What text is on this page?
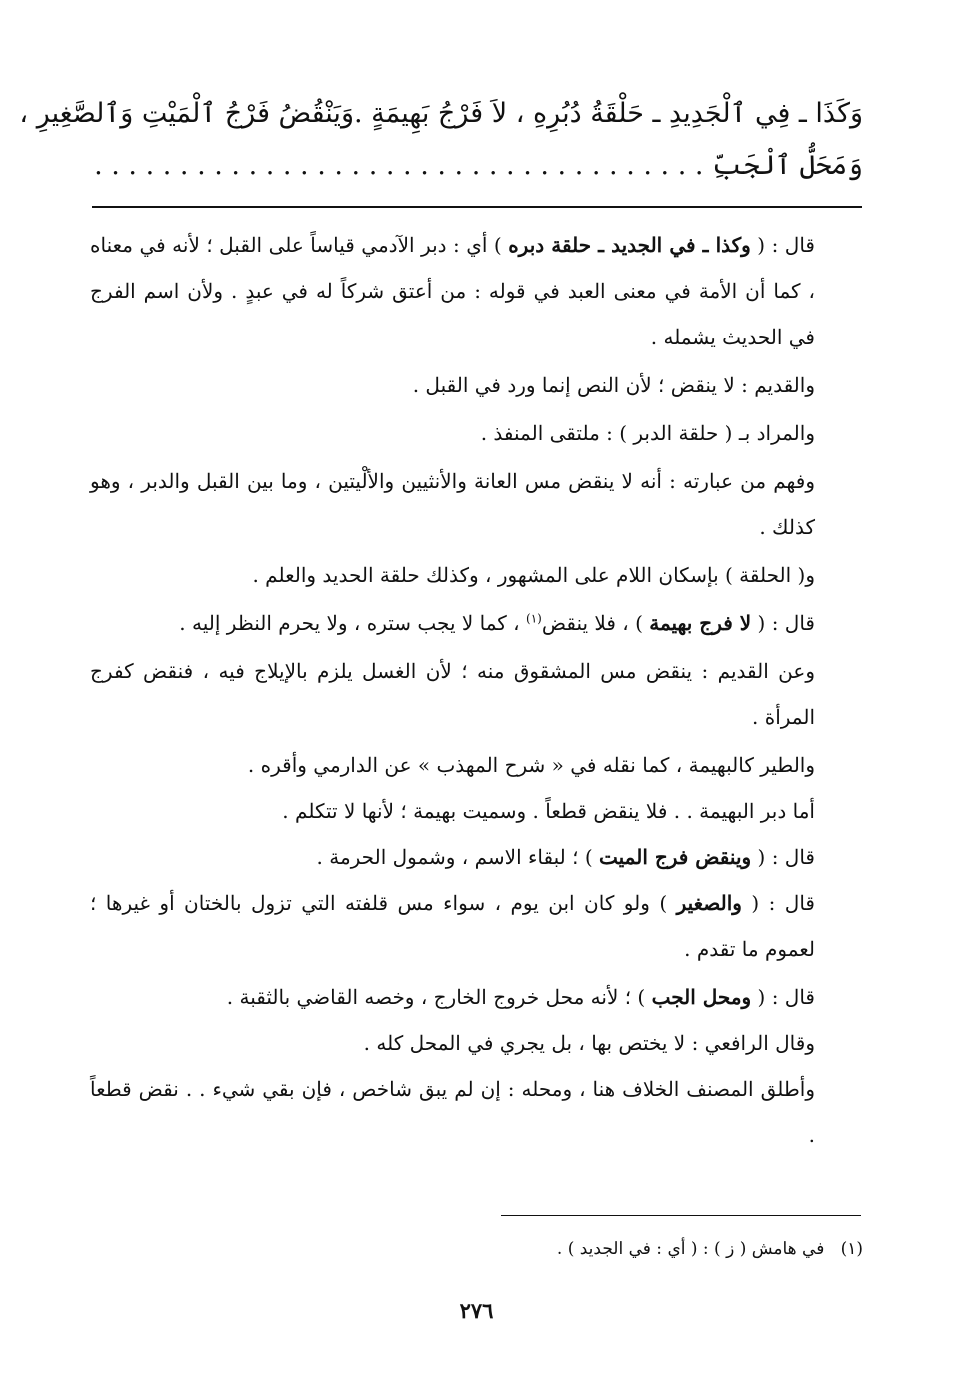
وَكَذَا ـ فِي ٱلْجَدِيدِ ـ حَلْقَةُ دُبُرِهِ ، لاَ فَرْجُ بَهِيمَةٍ .وَيَنْقُضُ فَرْجُ ٱلْمَيْتِ وَٱلصَّغِيرِ ،
وَمَحَلُّ ٱلْجَبِّ . . . . . . . . . . . . . . . . . . . . . . . . . . . . . . . . . . . .

قال : ( وكذا ـ في الجديد ـ حلقة دبره ) أي : دبر الآدمي قياساً على القبل ؛ لأنه في معناه ، كما أن الأمة في معنى العبد في قوله : من أعتق شركاً له في عبدٍ . ولأن اسم الفرج في الحديث يشمله .

والقديم : لا ينقض ؛ لأن النص إنما ورد في القبل .

والمراد بـ ( حلقة الدبر ) : ملتقى المنفذ .

وفهم من عبارته : أنه لا ينقض مس العانة والأنثيين والألْيتين ، وما بين القبل والدبر ، وهو كذلك .

و( الحلقة ) بإسكان اللام على المشهور ، وكذلك حلقة الحديد والعلم .

قال : ( لا فرج بهيمة ) ، فلا ينقض$^{(١)}$ ، كما لا يجب ستره ، ولا يحرم النظر إليه .

وعن القديم : ينقض مس المشقوق منه ؛ لأن الغسل يلزم بالإيلاج فيه ، فنقض كفرج المرأة .

والطير كالبهيمة ، كما نقله في « شرح المهذب » عن الدارمي وأقره .

أما دبر البهيمة . . فلا ينقض قطعاً . وسميت بهيمة ؛ لأنها لا تتكلم .

قال : ( وينقض فرج الميت ) ؛ لبقاء الاسم ، وشمول الحرمة .

قال : ( والصغير ) ولو كان ابن يوم ، سواء مس قلفته التي تزول بالختان أو غيرها ؛ لعموم ما تقدم .

قال : ( ومحل الجب ) ؛ لأنه محل خروج الخارج ، وخصه القاضي بالثقبة .

وقال الرافعي : لا يختص بها ، بل يجري في المحل كله .

وأطلق المصنف الخلاف هنا ، ومحله : إن لم يبق شاخص ، فإن بقي شيء . . نقض قطعاً .

(١)   في هامش ( ز ) : ( أي : في الجديد ) .
٢٧٦
